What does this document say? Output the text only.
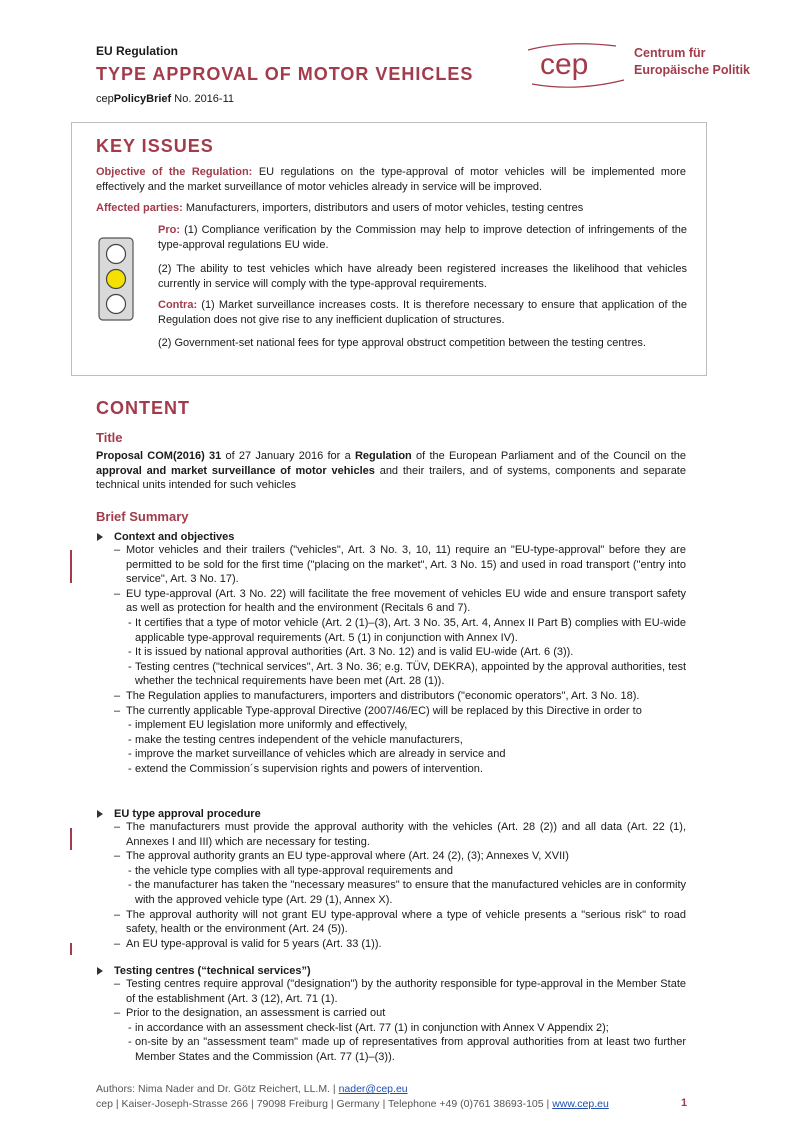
EU Regulation
TYPE APPROVAL OF MOTOR VEHICLES
cepPolicyBrief No. 2016-11
cep	Centrum für
Europäische Politik
KEY ISSUES
Objective of the Regulation: EU regulations on the type-approval of motor vehicles will be implemented more effectively and the market surveillance of motor vehicles already in service will be improved.
Affected parties: Manufacturers, importers, distributors and users of motor vehicles, testing centres
Pro: (1) Compliance verification by the Commission may help to improve detection of infringements of the type-approval regulations EU wide.
(2) The ability to test vehicles which have already been registered increases the likelihood that vehicles currently in service will comply with the type-approval requirements.
Contra: (1) Market surveillance increases costs. It is therefore necessary to ensure that application of the Regulation does not give rise to any inefficient duplication of structures.
(2) Government-set national fees for type approval obstruct competition between the testing centres.
CONTENT
Title
Proposal COM(2016) 31 of 27 January 2016 for a Regulation of the European Parliament and of the Council on the approval and market surveillance of motor vehicles and their trailers, and of systems, components and separate technical units intended for such vehicles
Brief Summary
Context and objectives
– Motor vehicles and their trailers ("vehicles", Art. 3 No. 3, 10, 11) require an "EU-type-approval" before they are permitted to be sold for the first time ("placing on the market", Art. 3 No. 15) and used in road transport ("entry into service", Art. 3 No. 17).
– EU type-approval (Art. 3 No. 22) will facilitate the free movement of vehicles EU wide and ensure transport safety as well as protection for health and the environment (Recitals 6 and 7).
- It certifies that a type of motor vehicle (Art. 2 (1)–(3), Art. 3 No. 35, Art. 4, Annex II Part B) complies with EU-wide applicable type-approval requirements (Art. 5 (1) in conjunction with Annex IV).
- It is issued by national approval authorities (Art. 3 No. 12) and is valid EU-wide (Art. 6 (3)).
- Testing centres ("technical services", Art. 3 No. 36; e.g. TÜV, DEKRA), appointed by the approval authorities, test whether the technical requirements have been met (Art. 28 (1)).
– The Regulation applies to manufacturers, importers and distributors ("economic operators", Art. 3 No. 18).
– The currently applicable Type-approval Directive (2007/46/EC) will be replaced by this Directive in order to
- implement EU legislation more uniformly and effectively,
- make the testing centres independent of the vehicle manufacturers,
- improve the market surveillance of vehicles which are already in service and
- extend the Commission´s supervision rights and powers of intervention.
EU type approval procedure
– The manufacturers must provide the approval authority with the vehicles (Art. 28 (2)) and all data (Art. 22 (1), Annexes I and III) which are necessary for testing.
– The approval authority grants an EU type-approval where (Art. 24 (2), (3); Annexes V, XVII)
- the vehicle type complies with all type-approval requirements and
- the manufacturer has taken the "necessary measures" to ensure that the manufactured vehicles are in conformity with the approved vehicle type (Art. 29 (1), Annex X).
– The approval authority will not grant EU type-approval where a type of vehicle presents a "serious risk" to road safety, health or the environment (Art. 24 (5)).
– An EU type-approval is valid for 5 years (Art. 33 (1)).
Testing centres (“technical services”)
– Testing centres require approval ("designation") by the authority responsible for type-approval in the Member State of the establishment (Art. 3 (12), Art. 71 (1).
– Prior to the designation, an assessment is carried out
- in accordance with an assessment check-list (Art. 77 (1) in conjunction with Annex V Appendix 2);
- on-site by an "assessment team" made up of representatives from approval authorities from at least two further Member States and the Commission (Art. 77 (1)–(3)).
Authors: Nima Nader and Dr. Götz Reichert, LL.M. | nader@cep.eu
cep | Kaiser-Joseph-Strasse 266 | 79098 Freiburg | Germany | Telephone +49 (0)761 38693-105 | www.cep.eu	1
